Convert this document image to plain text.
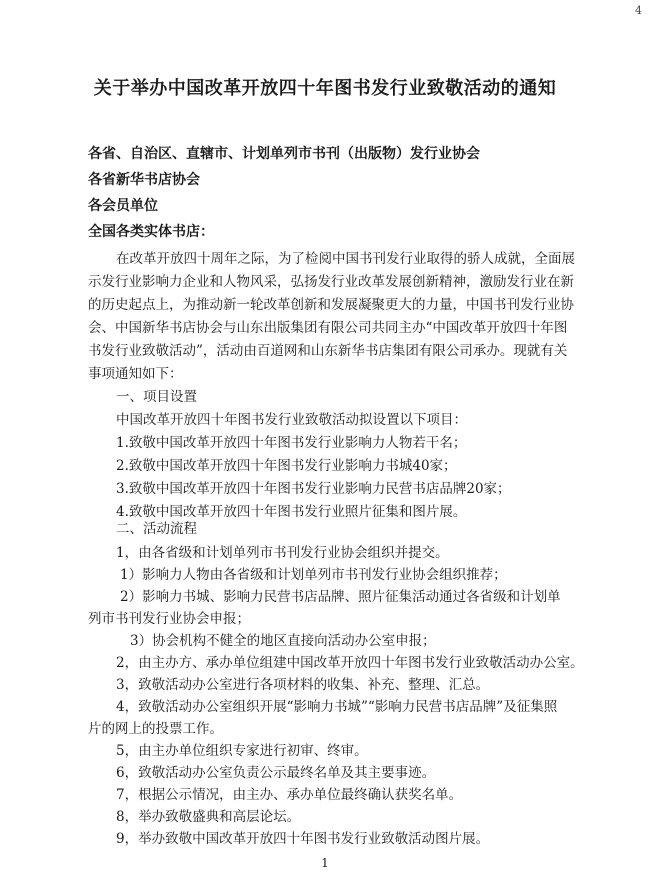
4
关于举办中国改革开放四十年图书发行业致敬活动的通知
各省、自治区、直辖市、计划单列市书刊（出版物）发行业协会
各省新华书店协会
各会员单位
全国各类实体书店：
在改革开放四十周年之际，为了检阅中国书刊发行业取得的骄人成就，全面展
示发行业影响力企业和人物风采，弘扬发行业改革发展创新精神，激励发行业在新
的历史起点上，为推动新一轮改革创新和发展凝聚更大的力量，中国书刊发行业协
会、中国新华书店协会与山东出版集团有限公司共同主办“中国改革开放四十年图
书发行业致敬活动”，活动由百道网和山东新华书店集团有限公司承办。现就有关
事项通知如下：
一、项目设置
中国改革开放四十年图书发行业致敬活动拟设置以下项目：
1.致敬中国改革开放四十年图书发行业影响力人物若干名；
2.致敬中国改革开放四十年图书发行业影响力书城40家；
3.致敬中国改革开放四十年图书发行业影响力民营书店品牌20家；
4.致敬中国改革开放四十年图书发行业照片征集和图片展。
二、活动流程
1，由各省级和计划单列市书刊发行业协会组织并提交。
1）影响力人物由各省级和计划单列市书刊发行业协会组织推荐；
2）影响力书城、影响力民营书店品牌、照片征集活动通过各省级和计划单
列市书刊发行业协会申报；
3）协会机构不健全的地区直接向活动办公室申报；
2，由主办方、承办单位组建中国改革开放四十年图书发行业致敬活动办公室。
3，致敬活动办公室进行各项材料的收集、补充、整理、汇总。
4，致敬活动办公室组织开展“影响力书城”“影响力民营书店品牌”及征集照
片的网上的投票工作。
1
5，由主办单位组织专家进行初审、终审。
6，致敬活动办公室负责公示最终名单及其主要事迹。
7，根据公示情况，由主办、承办单位最终确认获奖名单。
8，举办致敬盛典和高层论坛。
9，举办致敬中国改革开放四十年图书发行业致敬活动图片展。
